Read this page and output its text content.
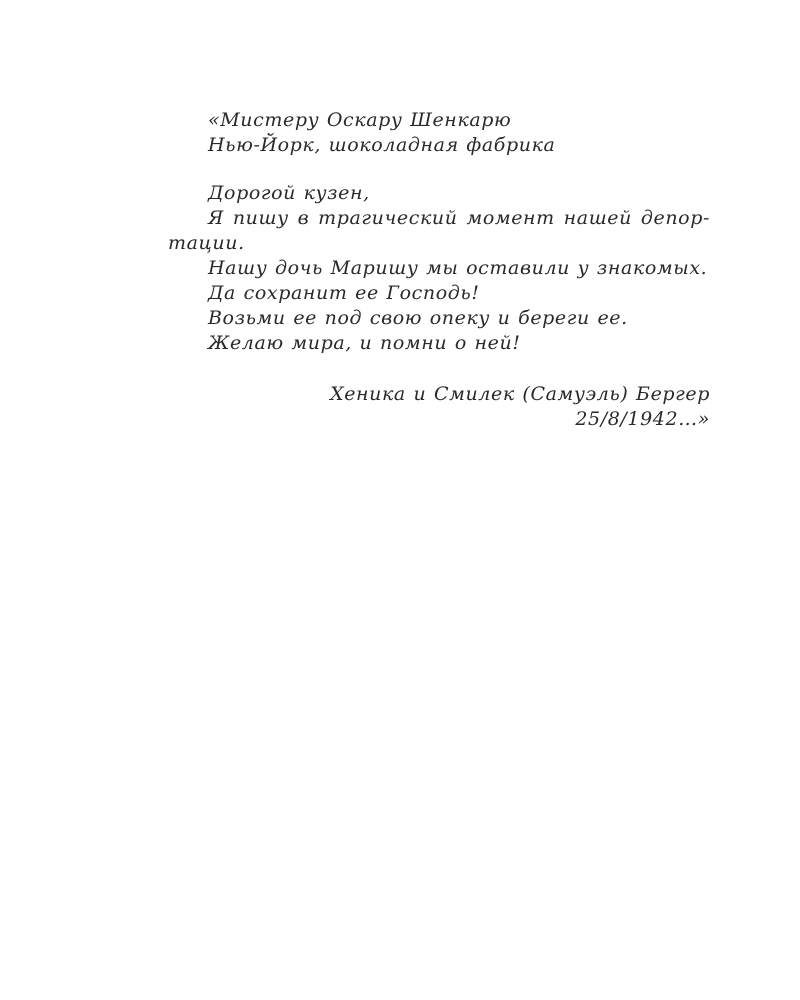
«Мистеру Оскару Шенкарю
Нью-Йорк, шоколадная фабрика
Дорогой кузен,
Я пишу в трагический момент нашей депор-
тации.
Нашу дочь Маришу мы оставили у знакомых.
Да сохранит ее Господь!
Возьми ее под свою опеку и береги ее.
Желаю мира, и помни о ней!
Хеника и Смилек (Самуэль) Бергер
25/8/1942…»
